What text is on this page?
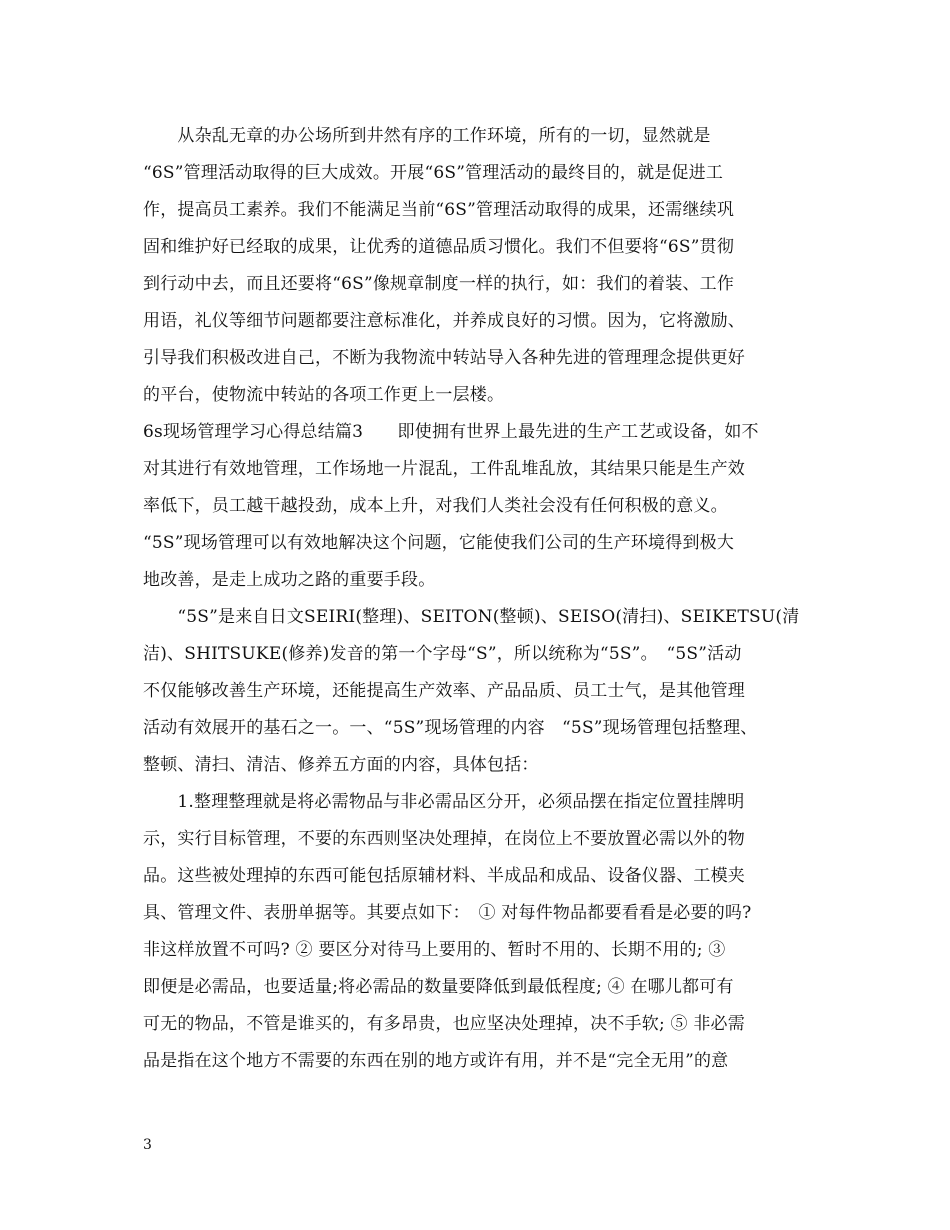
　　从杂乱无章的办公场所到井然有序的工作环境，所有的一切，显然就是
“6S”管理活动取得的巨大成效。开展“6S”管理活动的最终目的，就是促进工
作，提高员工素养。我们不能满足当前“6S”管理活动取得的成果，还需继续巩
固和维护好已经取的成果，让优秀的道德品质习惯化。我们不但要将“6S”贯彻
到行动中去，而且还要将“6S”像规章制度一样的执行，如：我们的着装、工作
用语，礼仪等细节问题都要注意标准化，并养成良好的习惯。因为，它将激励、
引导我们积极改进自己，不断为我物流中转站导入各种先进的管理理念提供更好
的平台，使物流中转站的各项工作更上一层楼。
6s现场管理学习心得总结篇3　　即使拥有世界上最先进的生产工艺或设备，如不
对其进行有效地管理，工作场地一片混乱，工件乱堆乱放，其结果只能是生产效
率低下，员工越干越投劲，成本上升，对我们人类社会没有任何积极的意义。
“5S”现场管理可以有效地解决这个问题，它能使我们公司的生产环境得到极大
地改善，是走上成功之路的重要手段。
　　“5S”是来自日文SEIRI(整理)、SEITON(整顿)、SEISO(清扫)、SEIKETSU(清
洁)、SHITSUKE(修养)发音的第一个字母“S”，所以统称为“5S”。　“5S”活动
不仅能够改善生产环境，还能提高生产效率、产品品质、员工士气，是其他管理
活动有效展开的基石之一。一、“5S”现场管理的内容　“5S”现场管理包括整理、
整顿、清扫、清洁、修养五方面的内容，具体包括：
　　1.整理整理就是将必需物品与非必需品区分开，必须品摆在指定位置挂牌明
示，实行目标管理，不要的东西则坚决处理掉，在岗位上不要放置必需以外的物
品。这些被处理掉的东西可能包括原辅材料、半成品和成品、设备仪器、工模夹
具、管理文件、表册单据等。其要点如下：　① 对每件物品都要看看是必要的吗?
非这样放置不可吗? ② 要区分对待马上要用的、暂时不用的、长期不用的; ③
即便是必需品，也要适量;将必需品的数量要降低到最低程度; ④ 在哪儿都可有
可无的物品，不管是谁买的，有多昂贵，也应坚决处理掉，决不手软; ⑤ 非必需
品是指在这个地方不需要的东西在别的地方或许有用，并不是“完全无用”的意
3
